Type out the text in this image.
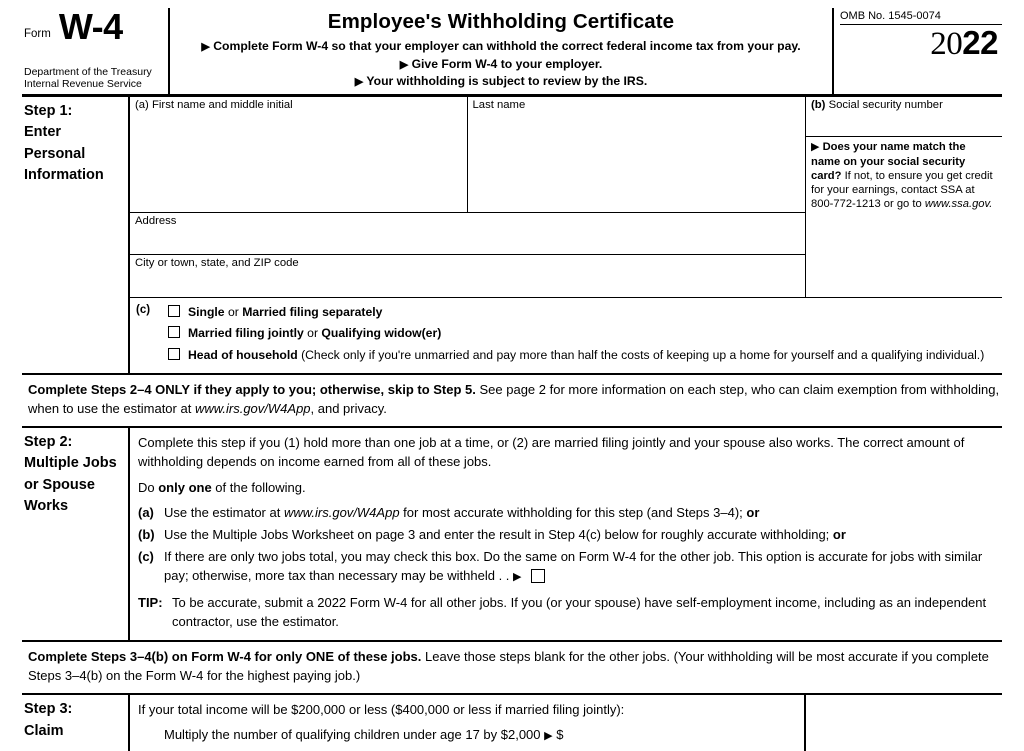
Form W-4
Department of the Treasury
Internal Revenue Service
Employee's Withholding Certificate
▶ Complete Form W-4 so that your employer can withhold the correct federal income tax from your pay.
▶ Give Form W-4 to your employer.
▶ Your withholding is subject to review by the IRS.
OMB No. 1545-0074
2022
Step 1:
Enter
Personal
Information
(a) First name and middle initial	Last name	(b) Social security number
▶ Does your name match the name on your social security card? If not, to ensure you get credit for your earnings, contact SSA at 800-772-1213 or go to www.ssa.gov.
Address
City or town, state, and ZIP code
(c)	Single or Married filing separately
Married filing jointly or Qualifying widow(er)
Head of household (Check only if you're unmarried and pay more than half the costs of keeping up a home for yourself and a qualifying individual.)
Complete Steps 2–4 ONLY if they apply to you; otherwise, skip to Step 5. See page 2 for more information on each step, who can claim exemption from withholding, when to use the estimator at www.irs.gov/W4App, and privacy.
Step 2:
Multiple Jobs
or Spouse
Works
Complete this step if you (1) hold more than one job at a time, or (2) are married filing jointly and your spouse also works. The correct amount of withholding depends on income earned from all of these jobs.
Do only one of the following.
(a) Use the estimator at www.irs.gov/W4App for most accurate withholding for this step (and Steps 3–4); or
(b) Use the Multiple Jobs Worksheet on page 3 and enter the result in Step 4(c) below for roughly accurate withholding; or
(c) If there are only two jobs total, you may check this box. Do the same on Form W-4 for the other job. This option is accurate for jobs with similar pay; otherwise, more tax than necessary may be withheld . . ▶
TIP: To be accurate, submit a 2022 Form W-4 for all other jobs. If you (or your spouse) have self-employment income, including as an independent contractor, use the estimator.
Complete Steps 3–4(b) on Form W-4 for only ONE of these jobs. Leave those steps blank for the other jobs. (Your withholding will be most accurate if you complete Steps 3–4(b) on the Form W-4 for the highest paying job.)
Step 3:
Claim
If your total income will be $200,000 or less ($400,000 or less if married filing jointly):
Multiply the number of qualifying children under age 17 by $2,000 ▶ $
